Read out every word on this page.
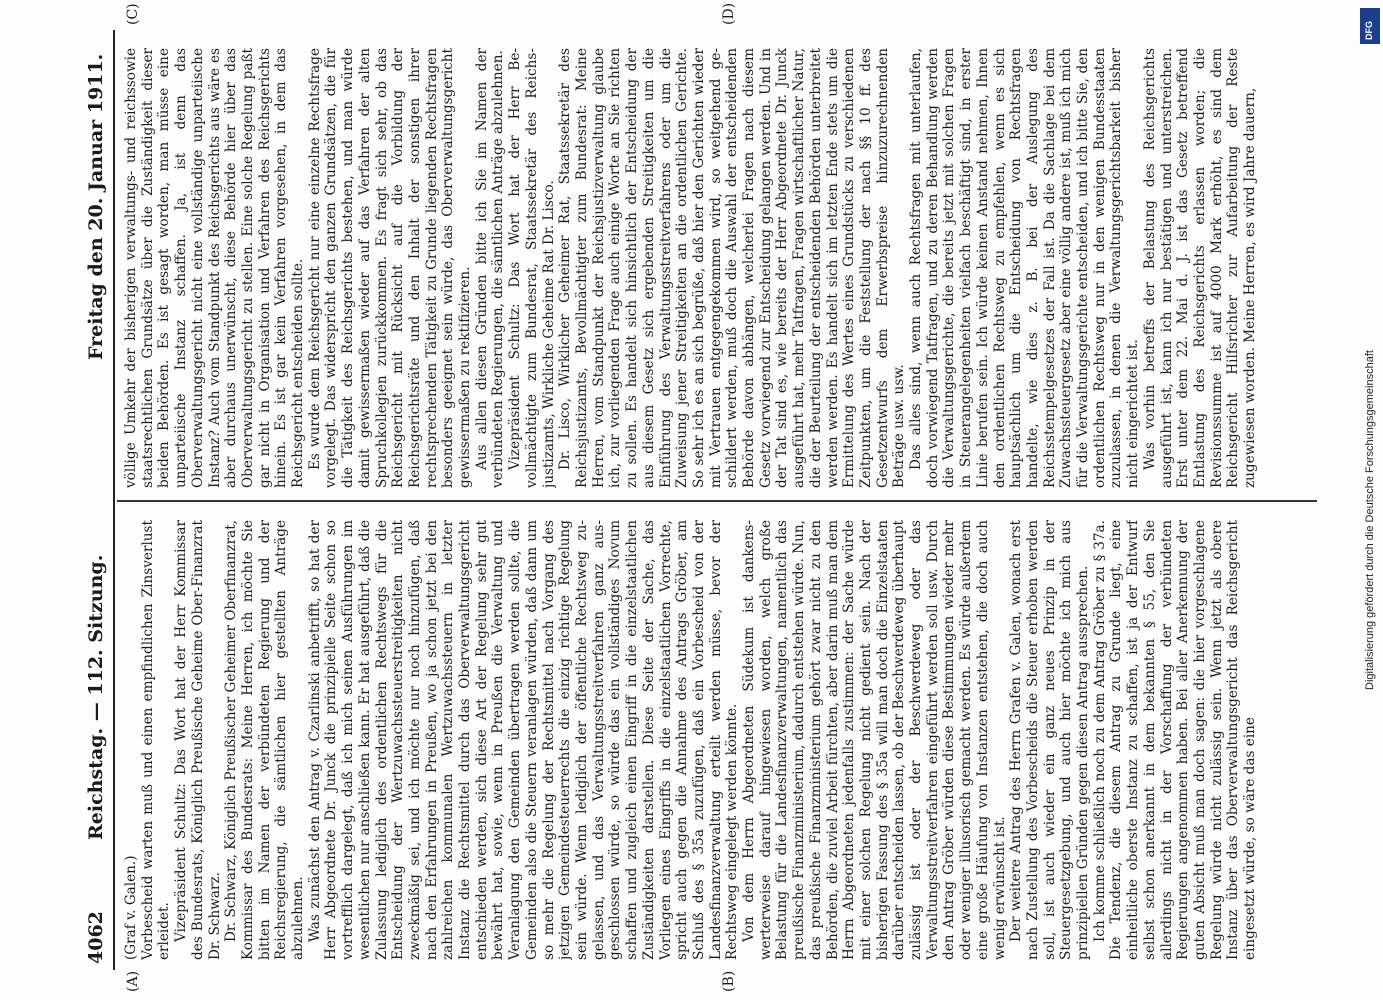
4062
Reichstag. — 112. Sitzung.
Freitag den 20. Januar 1911.
(A)	(B)
(C)	(D)

(Graf v. Galen.) Vorbescheid warten muß und einen empfindlichen Zinsverlust erleidet. Vizepräsident Schultz: Das Wort hat der Herr Kommissar des Bundesrats, Königlich Preußische Geheime Ober-Finanzrat Dr. Schwarz. Dr. Schwarz, Königlich Preußischer Geheimer Oberfinanzrat, Kommissar des Bundesrats: Meine Herren, ich möchte Sie bitten im Namen der verbündeten Regierung und der Reichsregierung, die sämtlichen hier gestellten Anträge abzulehnen. Was zunächst den Antrag v. Czarlinski anbetrifft, so hat der Herr Abgeordnete Dr. Junck die prinzipielle Seite schon so vortrefflich dargelegt, daß ich mich seinen Ausführungen im wesentlichen nur anschließen kann. Er hat ausgeführt, daß die Zulassung lediglich des ordentlichen Rechtswegs für die Entscheidung der Wertzuwachssteuerstreitigkeiten nicht zweckmäßig sei, und ich möchte nur noch hinzufügen, daß nach den Erfahrungen in Preußen, wo ja schon jetzt bei den zahlreichen kommunalen Wertzuwachssteuern in letzter Instanz die Rechtsmittel durch das Oberverwaltungsgericht entschieden werden, sich diese Art der Regelung sehr gut bewährt hat, sowie, wenn in Preußen die Verwaltung und Veranlagung den Gemeinden übertragen werden sollte, die Gemeinden also die Steuern veranlagen würden, daß dann um so mehr die Regelung der Rechtsmittel nach Vorgang des jetzigen Gemeindesteuerrechts die einzig richtige Regelung sein würde. Wenn lediglich der öffentliche Rechtsweg zugelassen, und das Verwaltungsstreitverfahren ganz ausgeschlossen würde, so würde das ein vollständiges Novum schaffen und zugleich einen Eingriff in die einzelstaatlichen Zuständigkeiten darstellen. Diese Seite der Sache, das Vorliegen eines Eingriffs in die einzelstaatlichen Vorrechte, spricht auch gegen die Annahme des Antrags Gröber, am Schluß des § 35a zuzufügen, daß ein Vorbescheid von der Landesfinanzverwaltung erteilt werden müsse, bevor der Rechtsweg eingelegt werden könnte. Von dem Herrn Abgeordneten Südekum ist dankenswerterweise darauf hingewiesen worden, welch große Belastung für die Landesfinanzverwaltungen, namentlich das preußische Finanzministerium, dadurch entstehen würde. Nun, das preußische Finanzministerium gehört zwar nicht zu den Behörden, die zuviel Arbeit fürchten, aber darin muß man dem Herrn Abgeordneten jedenfalls zustimmen: der Sache würde mit einer solchen Regelung nicht gedient sein. Nach der bisherigen Fassung des § 35a will man doch die Einzelstaaten darüber entscheiden lassen, ob der Beschwerdeweg überhaupt zulässig ist oder der Beschwerdeweg oder das Verwaltungsstreitverfahren eingeführt werden soll usw. Durch den Antrag Gröber würden diese Bestimmungen wieder mehr oder weniger illusorisch gemacht werden. Es würde außerdem eine große Häufung von Instanzen entstehen, die doch auch wenig erwünscht ist. Der weitere Antrag des Herrn Grafen v. Galen, wonach erst nach Zustellung des Vorbescheids die Steuer erhoben werden soll, ist auch wieder ein ganz neues Prinzip in der Steuergesetzgebung, und auch hier möchte ich mich aus prinzipiellen Gründen gegen diesen Antrag aussprechen. Ich komme schließlich noch zu dem Antrag Gröber zu § 37a. Die Tendenz, die diesem Antrag zu Grunde liegt, eine einheitliche oberste Instanz zu schaffen, ist ja der Entwurf selbst schon anerkannt in dem bekannten § 55, den Sie allerdings nicht in der Vorschaffung der verbündeten Regierungen angenommen haben. Bei aller Anerkennung der guten Absicht muß man doch sagen: die hier vorgeschlagene Regelung würde nicht zulässig sein. Wenn jetzt als obere Instanz über das Oberverwaltungsgericht das Reichsgericht eingesetzt würde, so wäre das eine

völlige Umkehr der bisherigen verwaltungs- und reichssowie staatsrechtlichen Grundsätze über die Zuständigkeit dieser beiden Behörden. Es ist gesagt worden, man müsse eine unparteiische Instanz schaffen. Ja, ist denn das Oberverwaltungsgericht nicht eine vollständige unparteiische Instanz? Auch vom Standpunkt des Reichsgerichts aus wäre es aber durchaus unerwünscht, diese Behörde hier über das Oberverwaltungsgericht zu stellen. Eine solche Regelung paßt gar nicht in Organisation und Verfahren des Reichsgerichts hinein. Es ist gar kein Verfahren vorgesehen, in dem das Reichsgericht entscheiden sollte. Es wurde dem Reichsgericht nur eine einzelne Rechtsfrage vorgelegt. Das widerspricht den ganzen Grundsätzen, die für die Tätigkeit des Reichsgerichts bestehen, und man würde damit gewissermaßen wieder auf das Verfahren der alten Spruchkollegien zurückkommen. Es fragt sich sehr, ob das Reichsgericht mit Rücksicht auf die Vorbildung der Reichsgerichtsräte und den Inhalt der sonstigen ihrer rechtsprechenden Tätigkeit zu Grunde liegenden Rechtsfragen besonders geeignet sein würde, das Oberverwaltungsgericht gewissermaßen zu rektifizieren. Aus allen diesen Gründen bitte ich Sie im Namen der verbündeten Regierungen, die sämtlichen Anträge abzulehnen. Vizepräsident Schultz: Das Wort hat der Herr Bevollmächtigte zum Bundesrat, Staatssekretär des Reichsjustizamts, Wirkliche Geheime Rat Dr. Lisco. Dr. Lisco, Wirklicher Geheimer Rat, Staatssekretär des Reichsjustizamts, Bevollmächtigter zum Bundesrat: Meine Herren, vom Standpunkt der Reichsjustizverwaltung glaube ich, zur vorliegenden Frage auch einige Worte an Sie richten zu sollen. Es handelt sich hinsichtlich der Entscheidung der aus diesem Gesetz sich ergebenden Streitigkeiten um die Einführung des Verwaltungsstreitverfahrens oder um die Zuweisung jener Streitigkeiten an die ordentlichen Gerichte. So sehr ich es an sich begrüße, daß hier den Gerichten wieder mit Vertrauen entgegengekommen wird, so weitgehend geschildert werden, muß doch die Auswahl der entscheidenden Behörde davon abhängen, welcherlei Fragen nach diesem Gesetz vorwiegend zur Entscheidung gelangen werden. Und in der Tat sind es, wie bereits der Herr Abgeordnete Dr. Junck ausgeführt hat, mehr Tatfragen, Fragen wirtschaftlicher Natur, die der Beurteilung der entscheidenden Behörden unterbreitet werden werden. Es handelt sich im letzten Ende stets um die Ermittelung des Wertes eines Grundstücks zu verschiedenen Zeitpunkten, um die Feststellung der nach §§ 10 ff. des Gesetzentwurfs dem Erwerbspreise hinzuzurechnenden Beträge usw. usw. Das alles sind, wenn auch Rechtsfragen mit unterlaufen, doch vorwiegend Tatfragen, und zu deren Behandlung werden die Verwaltungsgerichte, die bereits jetzt mit solchen Fragen in Steuerangelegenheiten vielfach beschäftigt sind, in erster Linie berufen sein. Ich würde keinen Anstand nehmen, Ihnen den ordentlichen Rechtsweg zu empfehlen, wenn es sich hauptsächlich um die Entscheidung von Rechtsfragen handelte, wie dies z. B. bei der Auslegung des Reichsstempelgesetzes der Fall ist. Da die Sachlage bei dem Zuwachssteuergesetz aber eine völlig andere ist, muß ich mich für die Verwaltungsgerichte entscheiden, und ich bitte Sie, den ordentlichen Rechtsweg nur in den wenigen Bundesstaaten zuzulassen, in denen die Verwaltungsgerichtsbarkeit bisher nicht eingerichtet ist. Was vorhin betreffs der Belastung des Reichsgerichts ausgeführt ist, kann ich nur bestätigen und unterstreichen. Erst unter dem 22. Mai d. J. ist das Gesetz betreffend Entlastung des Reichsgerichts erlassen worden; die Revisionssumme ist auf 4000 Mark erhöht, es sind dem Reichsgericht Hilfsrichter zur Aufarbeitung der Reste zugewiesen worden. Meine Herren, es wird Jahre dauern,

DFG
Digitalisierung gefördert durch die Deutsche Forschungsgemeinschaft
